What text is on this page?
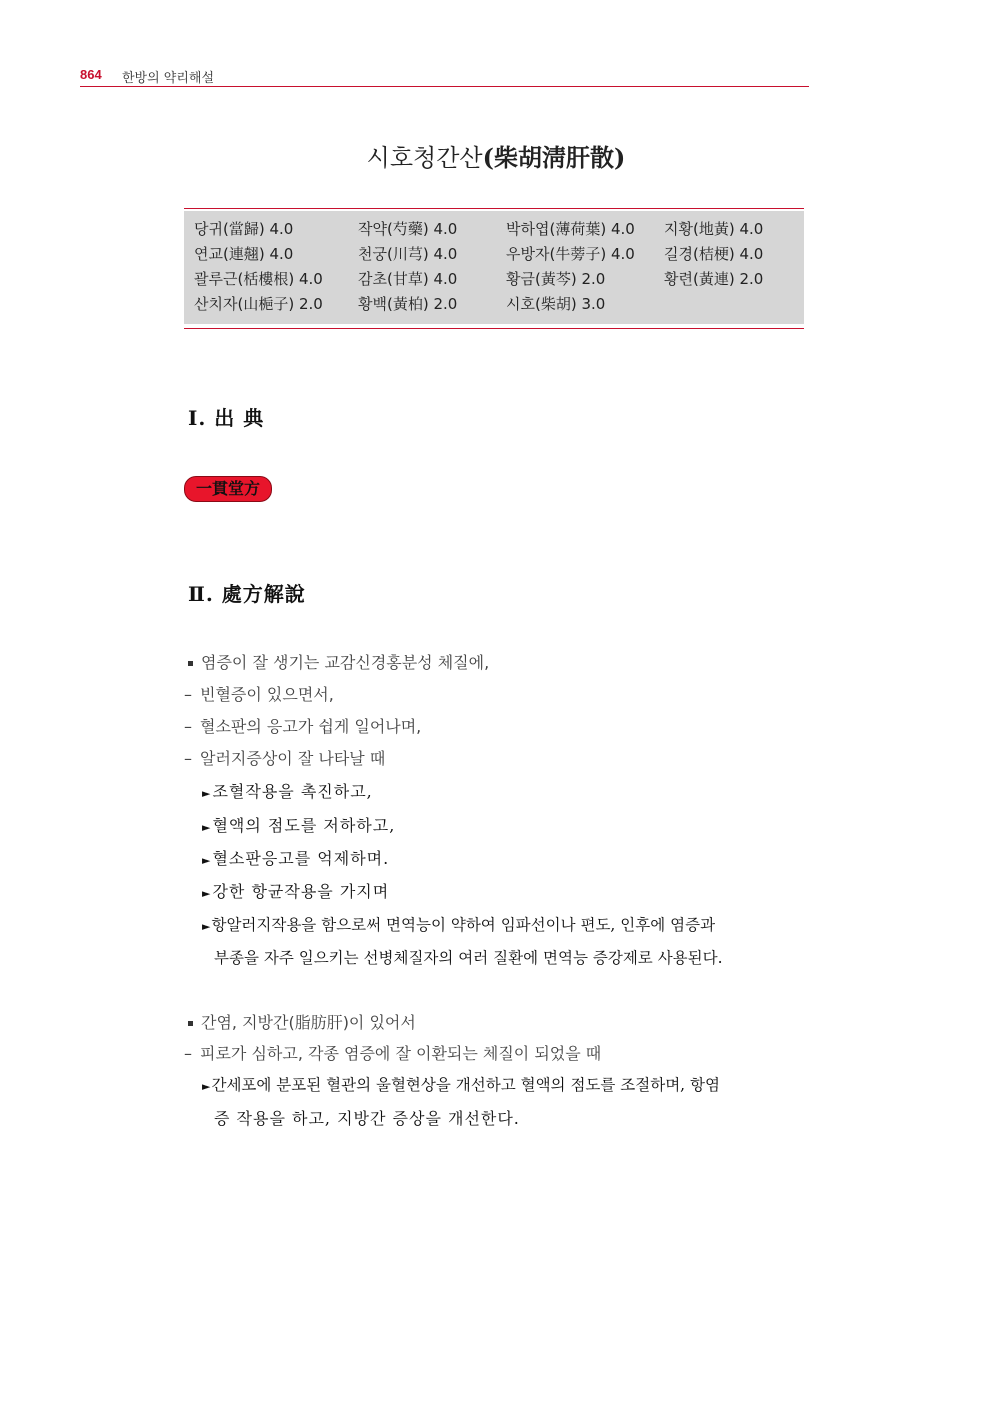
864 한방의 약리해설
시호청간산(柴胡淸肝散)
당귀(當歸) 4.0	작약(芍藥) 4.0	박하엽(薄荷葉) 4.0 지황(地黃) 4.0
연교(連翹) 4.0	천궁(川芎) 4.0	우방자(牛蒡子) 4.0 길경(桔梗) 4.0
괄루근(栝樓根) 4.0 감초(甘草) 4.0	황금(黃芩) 2.0	황련(黃連) 2.0
산치자(山梔子) 2.0 황백(黃柏) 2.0	시호(柴胡) 3.0
Ⅰ. 出 典
一貫堂方
Ⅱ. 處方解說
염증이 잘 생기는 교감신경홍분성 체질에,
– 빈혈증이 있으면서,
– 혈소판의 응고가 쉽게 일어나며,
– 알러지증상이 잘 나타날 때
►조혈작용을 촉진하고,
►혈액의 점도를 저하하고,
►혈소판응고를 억제하며.
►강한 항균작용을 가지며
►항알러지작용을 함으로써 면역능이 약하여 임파선이나 편도, 인후에 염증과
부종을 자주 일으키는 선병체질자의 여러 질환에 면역능 증강제로 사용된다.
간염, 지방간(脂肪肝)이 있어서
– 피로가 심하고, 각종 염증에 잘 이환되는 체질이 되었을 때
►간세포에 분포된 혈관의 울혈현상을 개선하고 혈액의 점도를 조절하며, 항염
증 작용을 하고, 지방간 증상을 개선한다.
